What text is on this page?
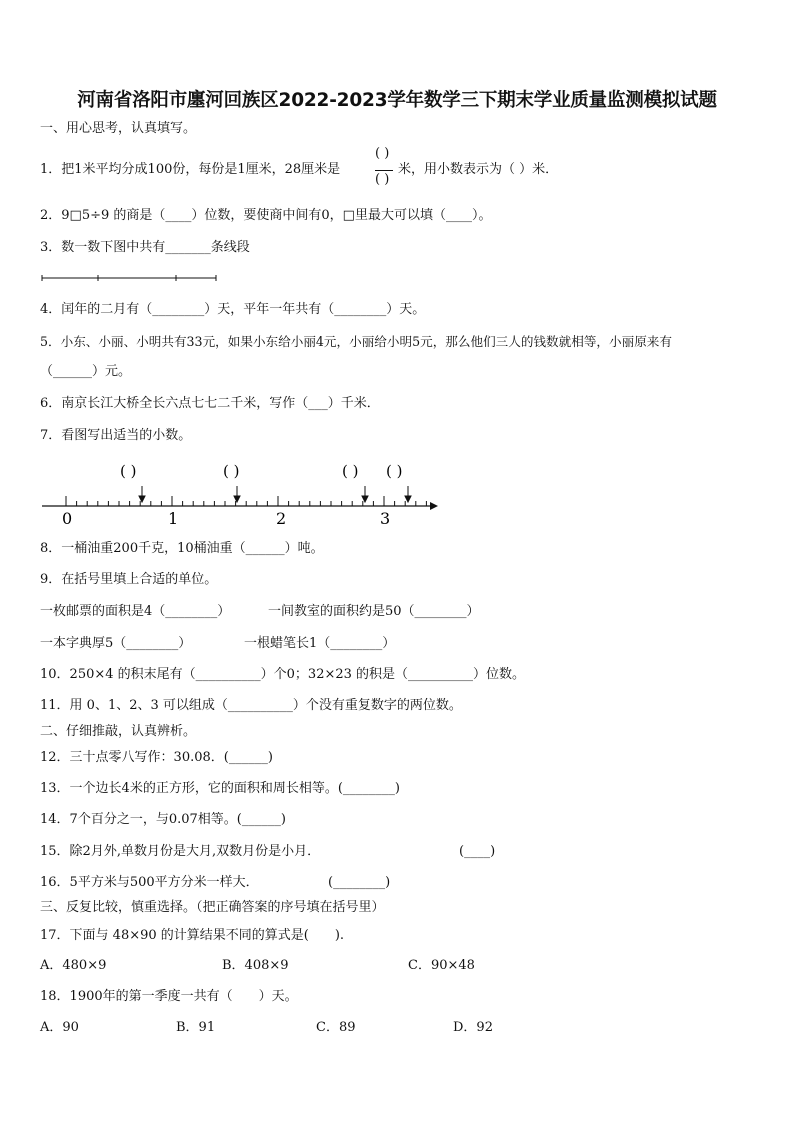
河南省洛阳市廛河回族区2022-2023学年数学三下期末学业质量监测模拟试题
一、用心思考，认真填写。
1．把1米平均分成100份，每份是1厘米，28厘米是
( )
( )
米，用小数表示为（ ）米．
2．9□5÷9 的商是（____）位数，要使商中间有0，□里最大可以填（____）。
3．数一数下图中共有_______条线段
4．闰年的二月有（________）天，平年一年共有（________）天。
5．小东、小丽、小明共有33元，如果小东给小丽4元，小丽给小明5元，那么他们三人的钱数就相等，小丽原来有
（______）元。
6．南京长江大桥全长六点七七二千米，写作（___）千米．
7．看图写出适当的小数。
( )	( )	( ) ( )
0	1	2	3
8．一桶油重200千克，10桶油重（______）吨。
9．在括号里填上合适的单位。
一枚邮票的面积是4（________）	一间教室的面积约是50（________）
一本字典厚5（________）	一根蜡笔长1（________）
10．250×4 的积末尾有（__________）个0；32×23 的积是（__________）位数。
11．用 0、1、2、3 可以组成（__________）个没有重复数字的两位数。
二、仔细推敲，认真辨析。
12．三十点零八写作：30.08．(______)
13．一个边长4米的正方形，它的面积和周长相等。(________)
14．7个百分之一，与0.07相等。(______)
15．除2月外,单数月份是大月,双数月份是小月．	(____)
16．5平方米与500平方分米一样大．	(________)
三、反复比较，慎重选择。（把正确答案的序号填在括号里）
17．下面与 48×90 的计算结果不同的算式是(　　).
A．480×9	B．408×9	C．90×48
18．1900年的第一季度一共有（　　）天。
A．90	B．91	C．89	D．92
